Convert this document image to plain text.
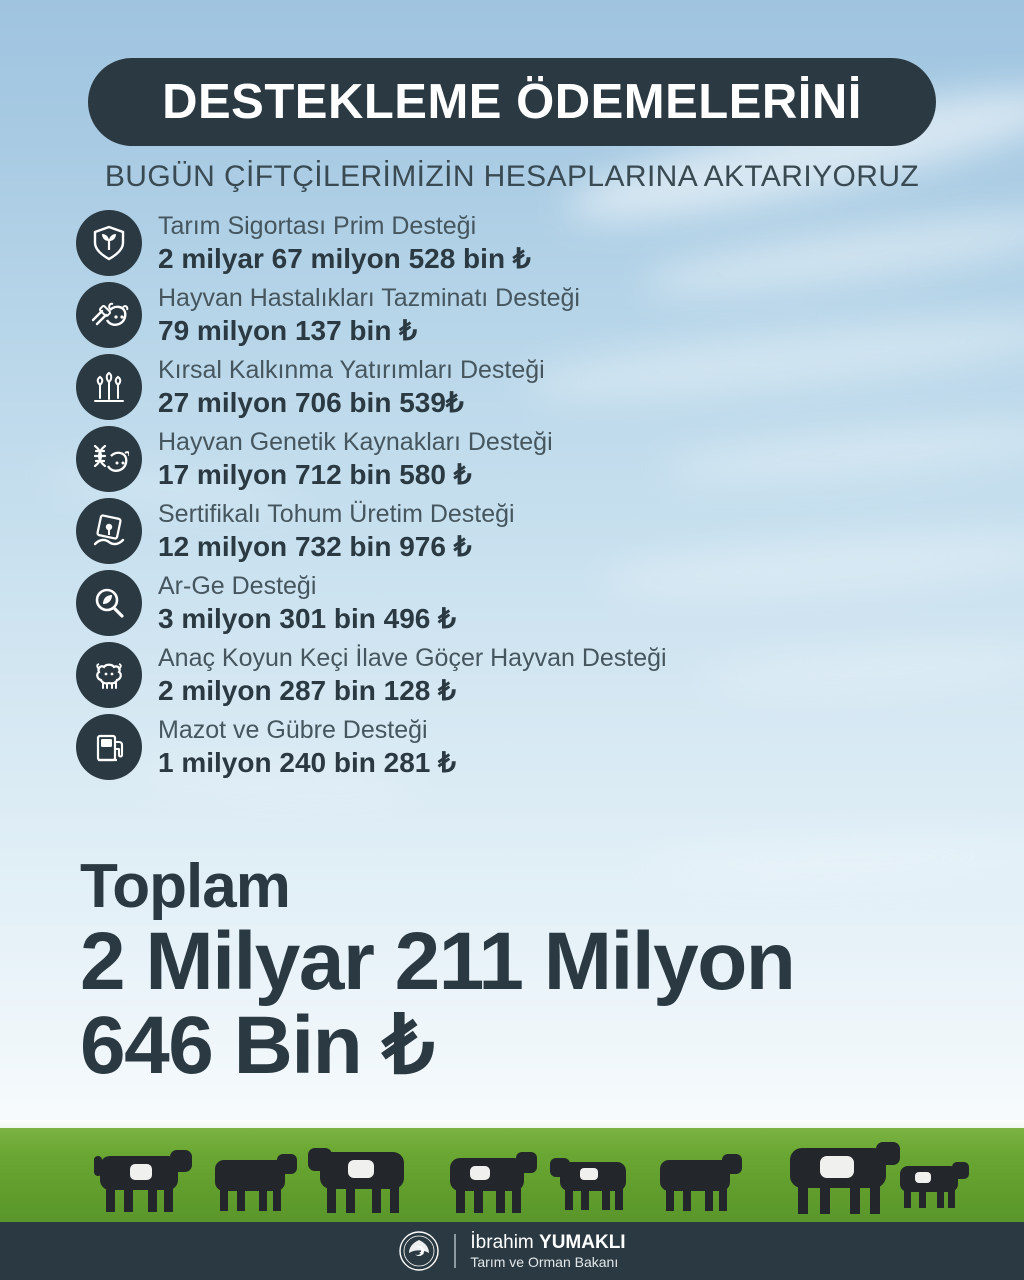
DESTEKLEME ÖDEMELERİNİ
BUGÜN ÇİFTÇİLERİMİZİN HESAPLARINA AKTARIYORUZ
Tarım Sigortası Prim Desteği
2 milyar 67 milyon 528 bin ₺
Hayvan Hastalıkları Tazminatı Desteği
79 milyon 137 bin ₺
Kırsal Kalkınma Yatırımları Desteği
27 milyon 706 bin 539₺
Hayvan Genetik Kaynakları Desteği
17 milyon 712 bin 580 ₺
Sertifikalı Tohum Üretim Desteği
12 milyon 732 bin 976 ₺
Ar-Ge Desteği
3 milyon 301 bin 496 ₺
Anaç Koyun Keçi İlave Göçer Hayvan Desteği
2 milyon 287 bin 128 ₺
Mazot ve Gübre Desteği
1 milyon 240 bin 281 ₺
Toplam
2 Milyar 211 Milyon
646 Bin ₺
İbrahim YUMAKLI
Tarım ve Orman Bakanı
